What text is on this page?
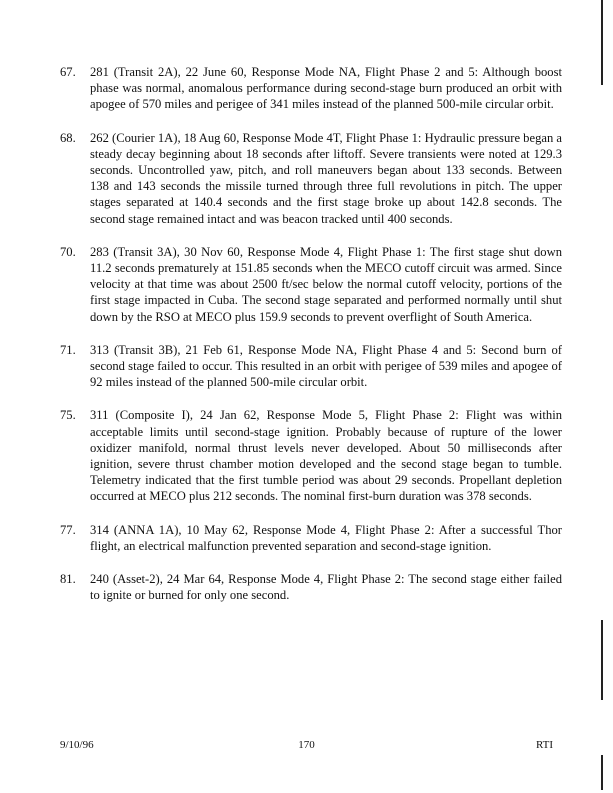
67.	281 (Transit 2A), 22 June 60, Response Mode NA, Flight Phase 2 and 5: Although boost phase was normal, anomalous performance during second-stage burn produced an orbit with apogee of 570 miles and perigee of 341 miles instead of the planned 500-mile circular orbit.
68.	262 (Courier 1A), 18 Aug 60, Response Mode 4T, Flight Phase 1: Hydraulic pressure began a steady decay beginning about 18 seconds after liftoff. Severe transients were noted at 129.3 seconds. Uncontrolled yaw, pitch, and roll maneuvers began about 133 seconds. Between 138 and 143 seconds the missile turned through three full revolutions in pitch. The upper stages separated at 140.4 seconds and the first stage broke up about 142.8 seconds. The second stage remained intact and was beacon tracked until 400 seconds.
70.	283 (Transit 3A), 30 Nov 60, Response Mode 4, Flight Phase 1: The first stage shut down 11.2 seconds prematurely at 151.85 seconds when the MECO cutoff circuit was armed. Since velocity at that time was about 2500 ft/sec below the normal cutoff velocity, portions of the first stage impacted in Cuba. The second stage separated and performed normally until shut down by the RSO at MECO plus 159.9 seconds to prevent overflight of South America.
71.	313 (Transit 3B), 21 Feb 61, Response Mode NA, Flight Phase 4 and 5: Second burn of second stage failed to occur. This resulted in an orbit with perigee of 539 miles and apogee of 92 miles instead of the planned 500-mile circular orbit.
75.	311 (Composite I), 24 Jan 62, Response Mode 5, Flight Phase 2: Flight was within acceptable limits until second-stage ignition. Probably because of rupture of the lower oxidizer manifold, normal thrust levels never developed. About 50 milliseconds after ignition, severe thrust chamber motion developed and the second stage began to tumble. Telemetry indicated that the first tumble period was about 29 seconds. Propellant depletion occurred at MECO plus 212 seconds. The nominal first-burn duration was 378 seconds.
77.	314 (ANNA 1A), 10 May 62, Response Mode 4, Flight Phase 2: After a successful Thor flight, an electrical malfunction prevented separation and second-stage ignition.
81.	240 (Asset-2), 24 Mar 64, Response Mode 4, Flight Phase 2: The second stage either failed to ignite or burned for only one second.
9/10/96	170	RTI
